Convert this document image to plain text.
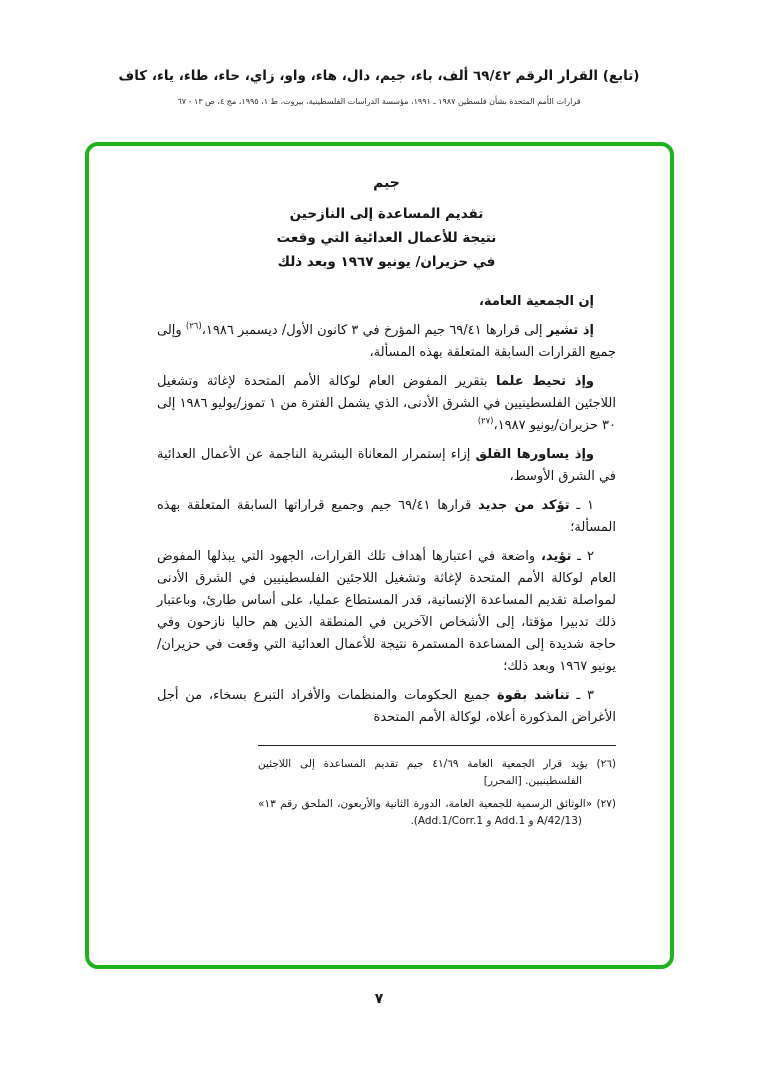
(تابع) القرار الرقم ٦٩/٤٢ ألف، باء، جيم، دال، هاء، واو، زاي، حاء، طاء، ياء، كاف
قرارات الأمم المتحدة بشأن فلسطين ١٩٨٧ ـ ١٩٩١، مؤسسة الدراسات الفلسطينية، بيروت، ط ١، ١٩٩٥، مج ٤، ص ١٣ - ٦٧
جيم
تقديم المساعدة إلى النازحين
نتيجة للأعمال العدائية التي وقعت
في حزيران/ يونيو ١٩٦٧ وبعد ذلك

إن الجمعية العامة،

إذ تشير إلى قرارها ٦٩/٤١ جيم المؤرخ في ٣ كانون الأول/ ديسمبر ١٩٨٦،$^{(٢٦)}$ وإلى جميع القرارات السابقة المتعلقة بهذه المسألة،

وإذ تحيط علما بتقرير المفوض العام لوكالة الأمم المتحدة لإغاثة وتشغيل اللاجئين الفلسطينيين في الشرق الأدنى، الذي يشمل الفترة من ١ تموز/يوليو ١٩٨٦ إلى ٣٠ حزيران/يونيو ١٩٨٧،$^{(٢٧)}$

وإذ يساورها القلق إزاء إستمرار المعاناة البشرية الناجمة عن الأعمال العدائية في الشرق الأوسط،

١ ـ تؤكد من جديد قرارها ٦٩/٤١ جيم وجميع قراراتها السابقة المتعلقة بهذه المسألة؛

٢ ـ تؤيد، واضعة في اعتبارها أهداف تلك القرارات، الجهود التي يبذلها المفوض العام لوكالة الأمم المتحدة لإغاثة وتشغيل اللاجئين الفلسطينيين في الشرق الأدنى لمواصلة تقديم المساعدة الإنسانية، قدر المستطاع عمليا، على أساس طارئ، وباعتبار ذلك تدبيرا مؤقتا، إلى الأشخاص الآخرين في المنطقة الذين هم حاليا نازحون وفي حاجة شديدة إلى المساعدة المستمرة نتيجة للأعمال العدائية التي وقعت في حزيران/يونيو ١٩٦٧ وبعد ذلك؛

٣ ـ تناشد بقوة جميع الحكومات والمنظمات والأفراد التبرع بسخاء، من أجل الأغراض المذكورة أعلاه، لوكالة الأمم المتحدة

(٢٦) يؤيد قرار الجمعية العامة ٤١/٦٩ جيم تقديم المساعدة إلى اللاجئين الفلسطينيين. [المحرر]

(٢٧) «الوثائق الرسمية للجمعية العامة، الدورة الثانية والأربعون، الملحق رقم ١٣» (A/42/13 و Add.1 و Add.1/Corr.1).

٧
